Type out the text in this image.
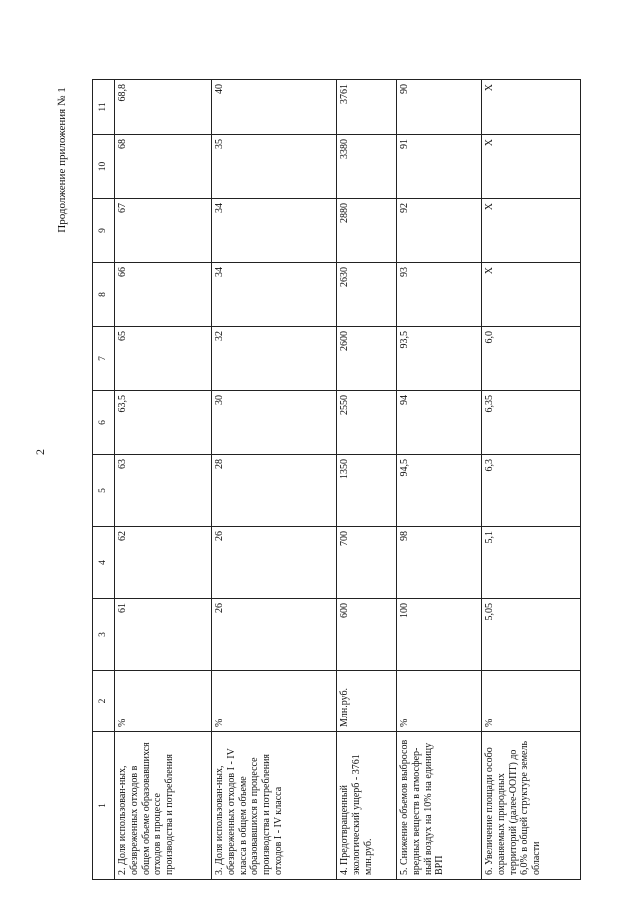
2
Продолжение приложения № 1
1	2	3	4	5	6	7	8	9	10	11
2. Доля использован-ных, обезвреженных отходов в общем объеме образовавшихся отходов в процессе производства и потребления	%	61	62	63	63,5	65	66	67	68	68,8
3. Доля использован-ных, обезвреженных отходов I - IV класса в общем объеме образовавшихся в процессе производства и потребления отходов I - IV класса	%	26	26	28	30	32	34	34	35	40
4. Предотвращенный экологический ущерб - 3761 млн.руб.	Млн.руб.	600	700	1350	2550	2600	2630	2880	3380	3761
5. Снижение объемов выбросов вредных веществ в атмосфер-ный воздух на 10% на единицу ВРП	%	100	98	94,5	94	93,5	93	92	91	90
6. Увеличение площади особо охраняемых природных территорий (далее-ООПТ) до 6,0% в общей структуре земель области	%	5,05	5,1	6,3	6,35	6,0	X	X	X	X
